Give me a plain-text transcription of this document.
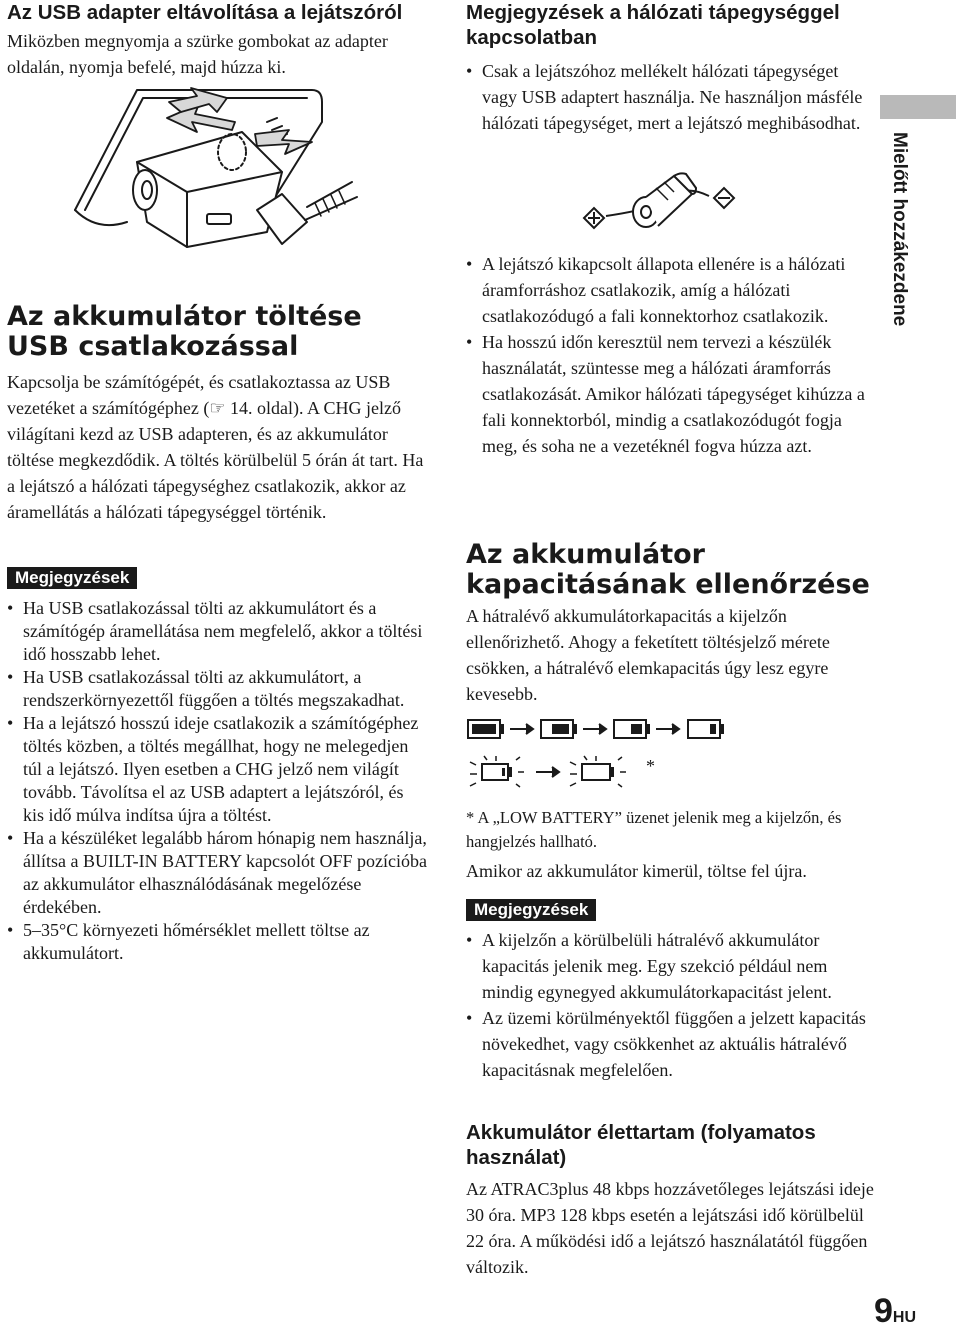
Az USB adapter eltávolítása a lejátszóról

Miközben megnyomja a szürke gombokat az adapter oldalán, nyomja befelé, majd húzza ki.

Az akkumulátor töltése
USB csatlakozással

Kapcsolja be számítógépét, és csatlakoztassa az USB vezetéket a számítógéphez (☞ 14. oldal). A CHG jelző világítani kezd az USB adapteren, és az akkumulátor töltése megkezdődik. A töltés körülbelül 5 órán át tart. Ha a lejátszó a hálózati tápegységhez csatlakozik, akkor az áramellátás a hálózati tápegységgel történik.

Megjegyzések
• Ha USB csatlakozással tölti az akkumulátort és a számítógép áramellátása nem megfelelő, akkor a töltési idő hosszabb lehet.
• Ha USB csatlakozással tölti az akkumulátort, a rendszerkörnyezettől függően a töltés megszakadhat.
• Ha a lejátszó hosszú ideje csatlakozik a számítógéphez töltés közben, a töltés megállhat, hogy ne melegedjen túl a lejátszó. Ilyen esetben a CHG jelző nem világít tovább. Távolítsa el az USB adaptert a lejátszóról, és kis idő múlva indítsa újra a töltést.
• Ha a készüléket legalább három hónapig nem használja, állítsa a BUILT-IN BATTERY kapcsolót OFF pozícióba az akkumulátor elhasználódásának megelőzése érdekében.
• 5–35°C környezeti hőmérséklet mellett töltse az akkumulátort.
Megjegyzések a hálózati tápegységgel kapcsolatban
• Csak a lejátszóhoz mellékelt hálózati tápegységet vagy USB adaptert használja. Ne használjon másféle hálózati tápegységet, mert a lejátszó meghibásodhat.
• A lejátszó kikapcsolt állapota ellenére is a hálózati áramforráshoz csatlakozik, amíg a hálózati csatlakozódugó a fali konnektorhoz csatlakozik.
• Ha hosszú időn keresztül nem tervezi a készülék használatát, szüntesse meg a hálózati áramforrás csatlakozását. Amikor hálózati tápegységet kihúzza a fali konnektorból, mindig a csatlakozódugót fogja meg, és soha ne a vezetéknél fogva húzza azt.
Az akkumulátor
kapacitásának ellenőrzése

A hátralévő akkumulátorkapacitás a kijelzőn ellenőrizhető. Ahogy a feketített töltésjelző mérete csökken, a hátralévő elemkapacitás úgy lesz egyre kevesebb.

*

* A „LOW BATTERY” üzenet jelenik meg a kijelzőn, és hangjelzés hallható.

Amikor az akkumulátor kimerül, töltse fel újra.

Megjegyzések
• A kijelzőn a körülbelüli hátralévő akkumulátor kapacitás jelenik meg. Egy szekció például nem mindig egynegyed akkumulátorkapacitást jelent.
• Az üzemi körülményektől függően a jelzett kapacitás növekedhet, vagy csökkenhet az aktuális hátralévő kapacitásnak megfelelően.
Akkumulátor élettartam (folyamatos használat)

Az ATRAC3plus 48 kbps hozzávetőleges lejátszási ideje 30 óra. MP3 128 kbps esetén a lejátszási idő körülbelül 22 óra. A működési idő a lejátszó használatától függően változik.

Mielőtt hozzákezdene
9HU
